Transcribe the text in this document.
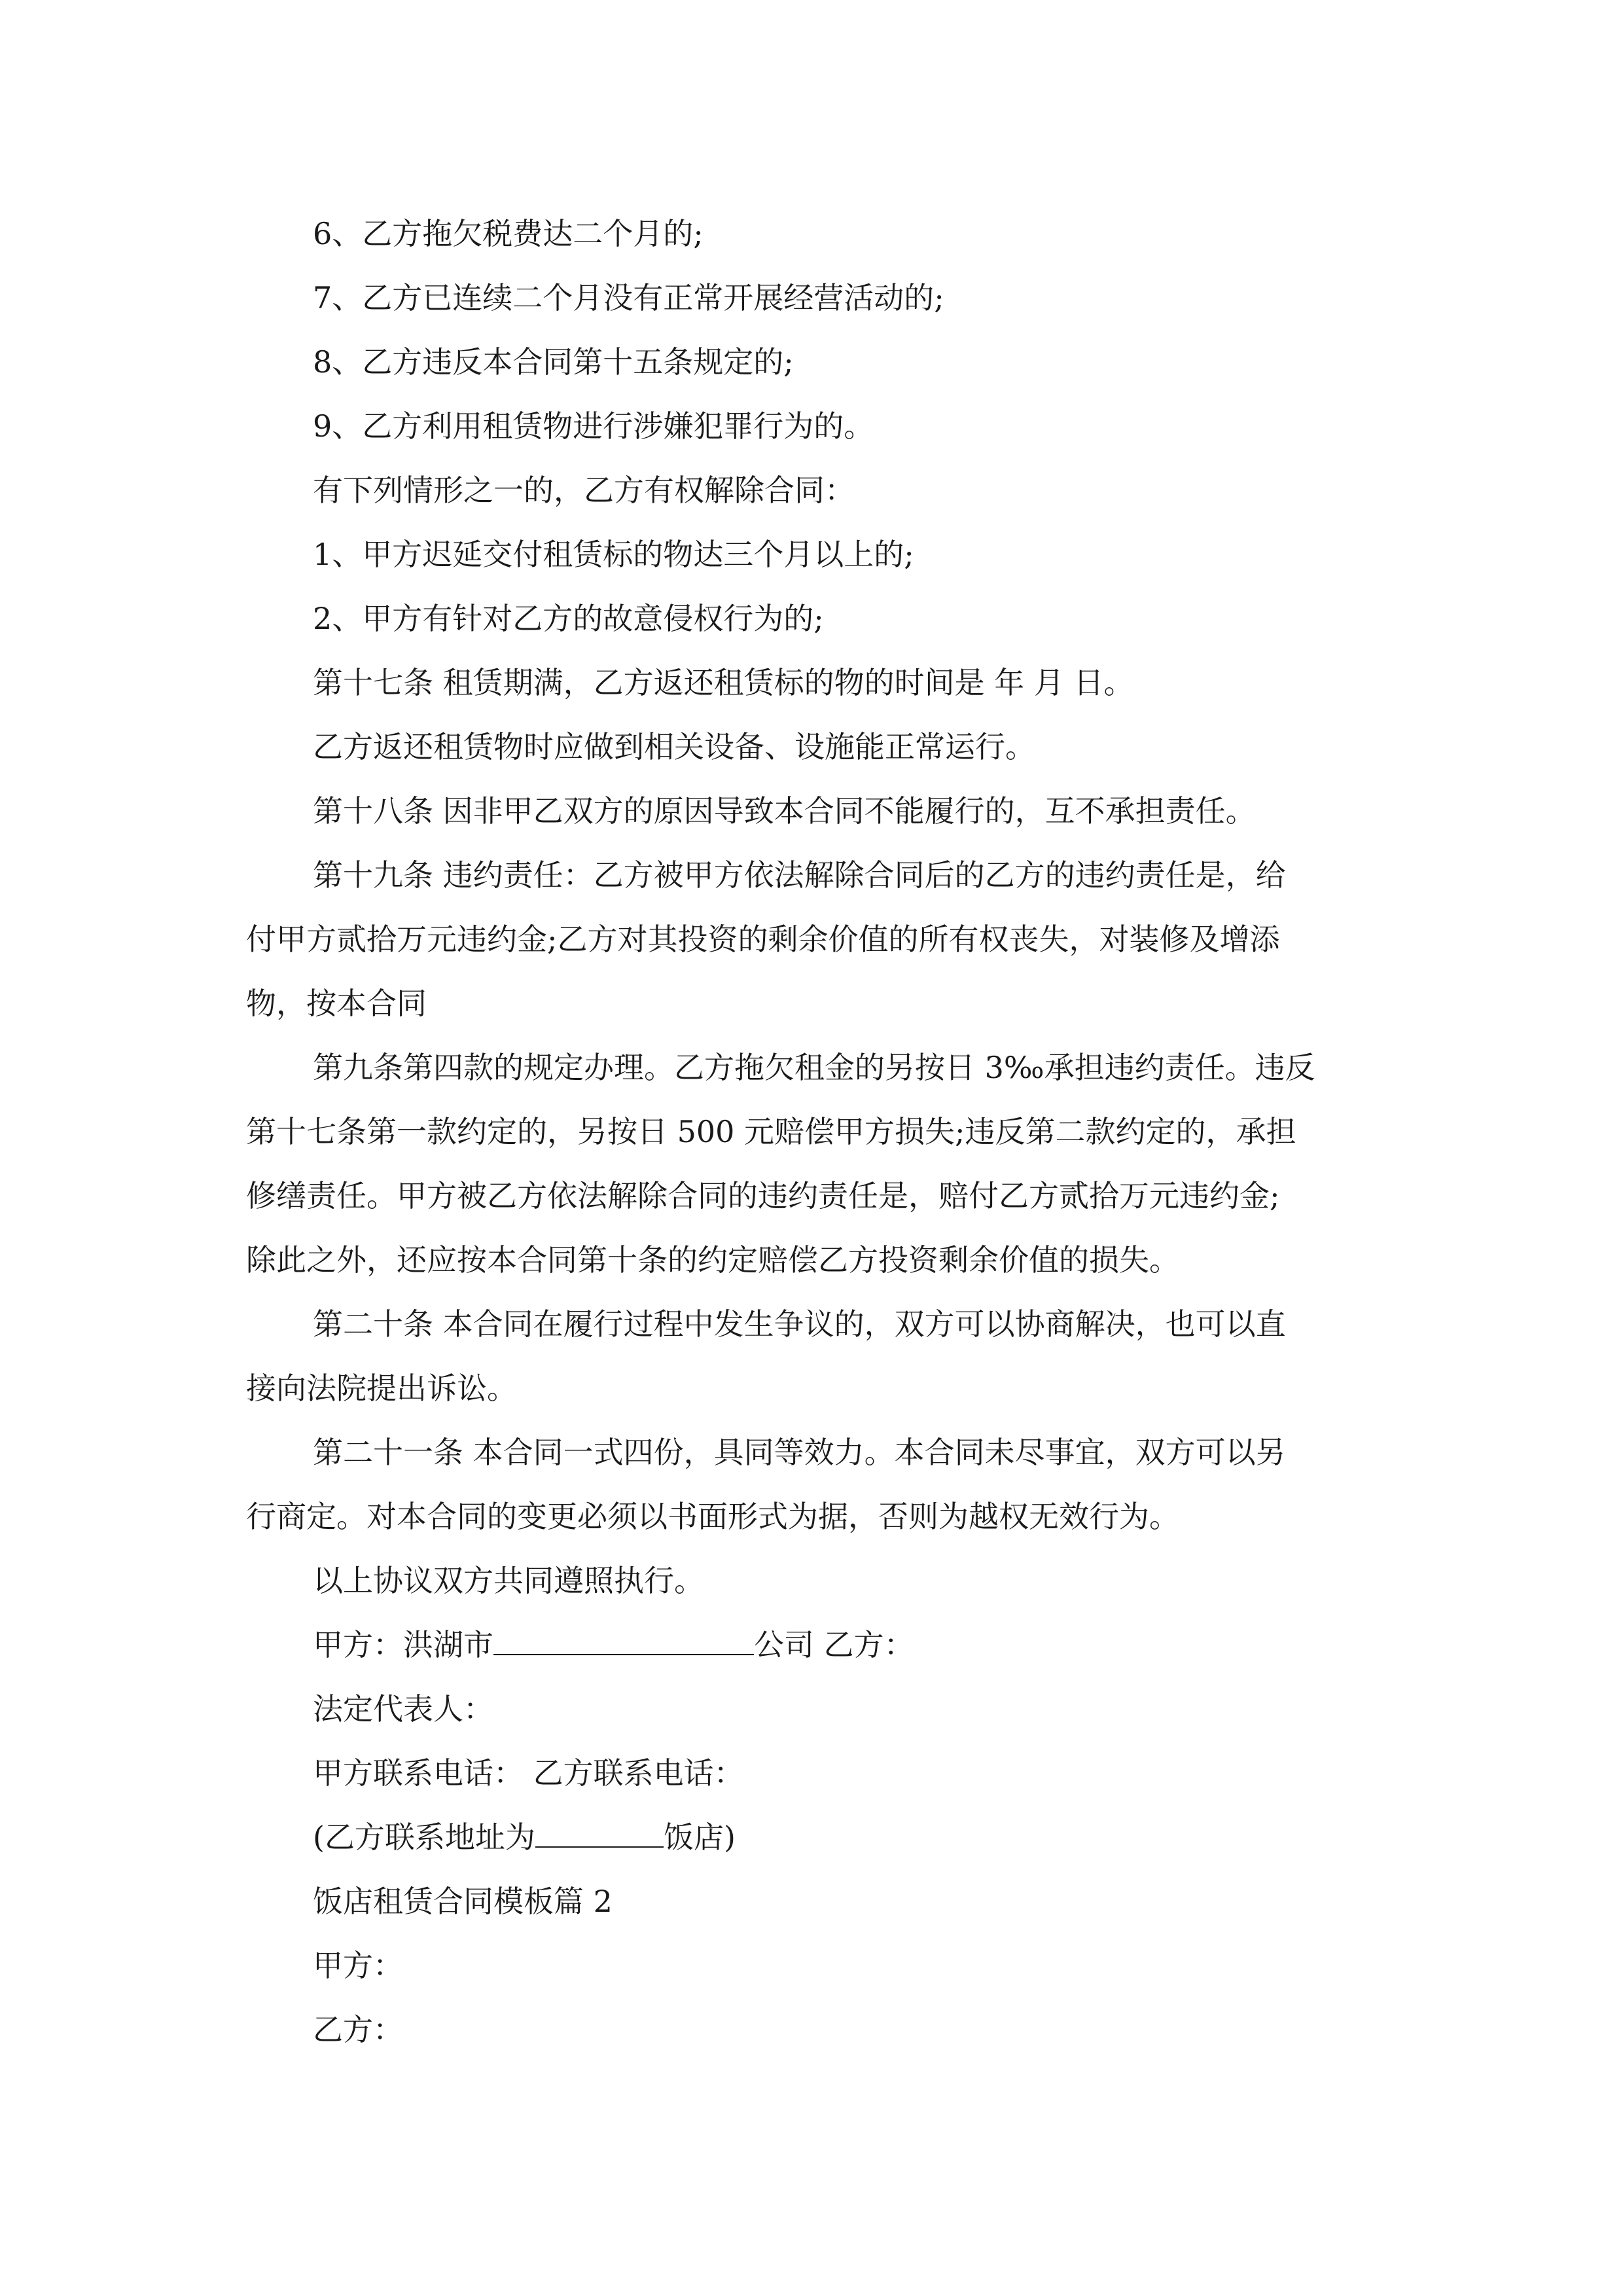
6、乙方拖欠税费达二个月的;
7、乙方已连续二个月没有正常开展经营活动的;
8、乙方违反本合同第十五条规定的;
9、乙方利用租赁物进行涉嫌犯罪行为的。
有下列情形之一的，乙方有权解除合同：
1、甲方迟延交付租赁标的物达三个月以上的;
2、甲方有针对乙方的故意侵权行为的;
第十七条 租赁期满，乙方返还租赁标的物的时间是 年 月 日。
乙方返还租赁物时应做到相关设备、设施能正常运行。
第十八条 因非甲乙双方的原因导致本合同不能履行的，互不承担责任。
第十九条 违约责任：乙方被甲方依法解除合同后的乙方的违约责任是，给
付甲方贰拾万元违约金;乙方对其投资的剩余价值的所有权丧失，对装修及增添
物，按本合同
第九条第四款的规定办理。乙方拖欠租金的另按日 3‰承担违约责任。违反
第十七条第一款约定的，另按日 500 元赔偿甲方损失;违反第二款约定的，承担
修缮责任。甲方被乙方依法解除合同的违约责任是，赔付乙方贰拾万元违约金;
除此之外，还应按本合同第十条的约定赔偿乙方投资剩余价值的损失。
第二十条 本合同在履行过程中发生争议的，双方可以协商解决，也可以直
接向法院提出诉讼。
第二十一条 本合同一式四份，具同等效力。本合同未尽事宜，双方可以另
行商定。对本合同的变更必须以书面形式为据，否则为越权无效行为。
以上协议双方共同遵照执行。
甲方：洪湖市	公司 乙方：
法定代表人：
甲方联系电话： 乙方联系电话：
(乙方联系地址为	饭店)
饭店租赁合同模板篇 2
甲方：
乙方：
